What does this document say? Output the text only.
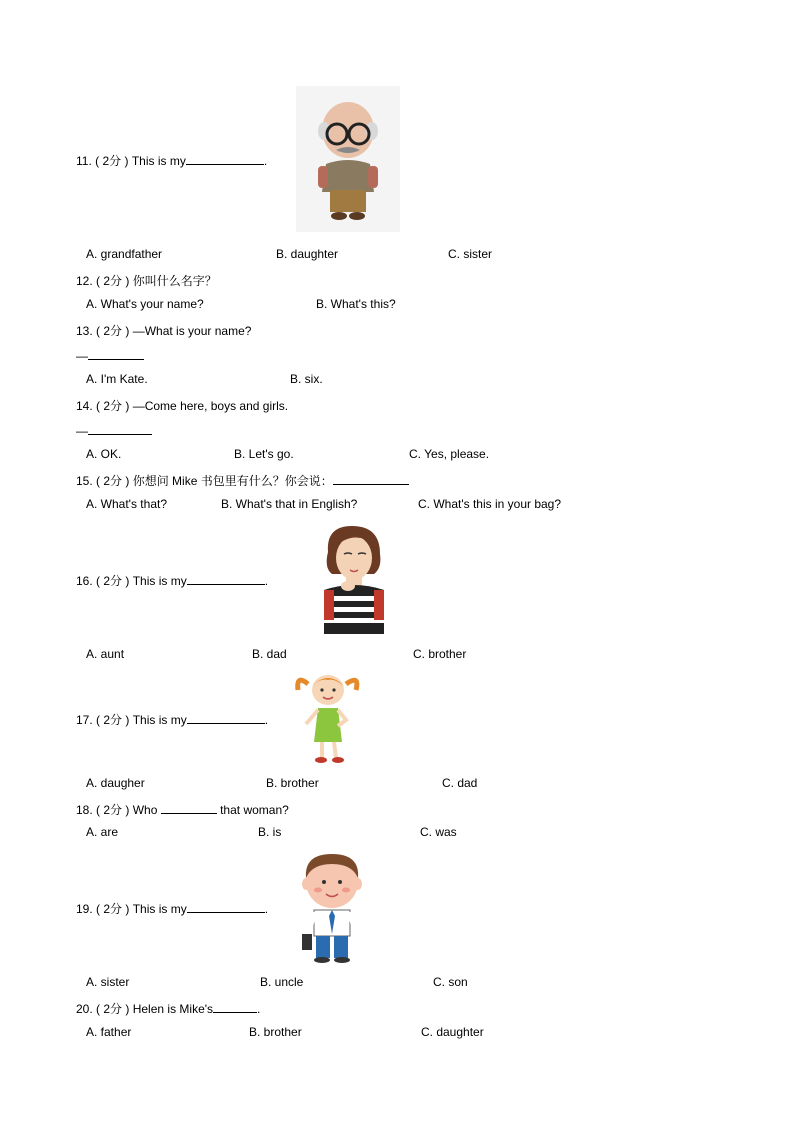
11. ( 2分 ) This is my	.
A. grandfather	B. daughter	C. sister
12. ( 2分 ) 你叫什么名字？
A. What's your name?	B. What's this?
13. ( 2分 ) —What is your name?
—
A. I'm Kate.	B. six.
14. ( 2分 ) —Come here, boys and girls.
—
A. OK.	B. Let's go.	C. Yes, please.
15. ( 2分 ) 你想问 Mike 书包里有什么？你会说：
A. What's that?	B. What's that in English?	C. What's this in your bag?
16. ( 2分 ) This is my	.
A. aunt	B. dad	C. brother
17. ( 2分 ) This is my	.
A. daugher	B. brother	C. dad
18. ( 2分 ) Who	that woman?
A. are	B. is	C. was
19. ( 2分 ) This is my	.
A. sister	B. uncle	C. son
20. ( 2分 ) Helen is Mike's	.
A. father	B. brother	C. daughter
